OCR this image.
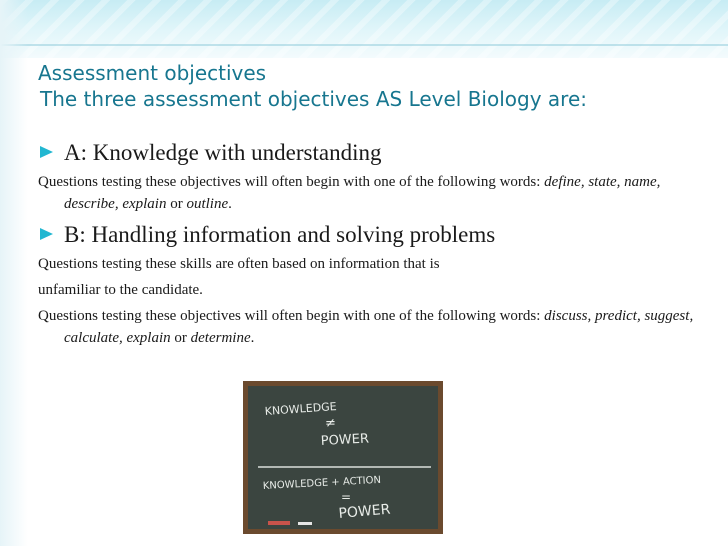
Assessment objectives
The three assessment objectives AS Level Biology are:
A: Knowledge with understanding

Questions testing these objectives will often begin with one of the following words: define, state, name, describe, explain or outline.

B: Handling information and solving problems

Questions testing these skills are often based on information that is

unfamiliar to the candidate.

Questions testing these objectives will often begin with one of the following words: discuss, predict, suggest, calculate, explain or determine.

KNOWLEDGE
≠
POWER
KNOWLEDGE + ACTION
=
POWER
